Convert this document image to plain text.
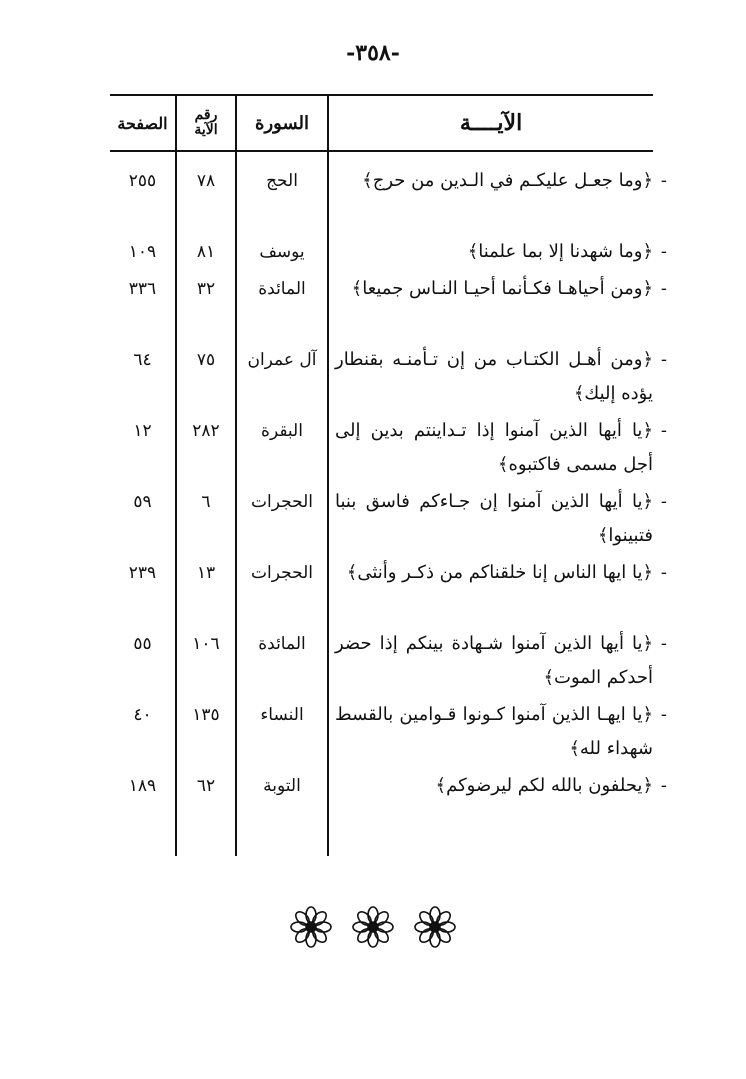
-٣٥٨-
الآيــــة
السورة
رقم
الآية
الصفحة
-
﴿وما جعـل عليكـم في الـدين من حرج﴾
الحج
٧٨
٢٥٥
-
﴿وما شهدنا إلا بما علمنا﴾
يوسف
٨١
١٠٩
-
﴿ومن أحياهـا فكـأنما أحيـا النـاس جميعا﴾
المائدة
٣٢
٣٣٦
-
﴿ومن أهـل الكتـاب من إن تـأمنـه بقنطار يؤده إليك﴾
آل عمران
٧٥
٦٤
-
﴿يا أيها الذين آمنوا إذا تـداينتم بدين إلى أجل مسمى فاكتبوه﴾
البقرة
٢٨٢
١٢
-
﴿يا أيها الذين آمنوا إن جـاءكم فاسق بنبا فتبينوا﴾
الحجرات
٦
٥٩
-
﴿يا ايها الناس إنا خلقناكم من ذكـر وأنثى﴾
الحجرات
١٣
٢٣٩
-
﴿يا أيها الذين آمنوا شـهادة بينكم إذا حضر أحدكم الموت﴾
المائدة
١٠٦
٥٥
-
﴿يا ايهـا الذين آمنوا كـونوا قـوامين بالقسط شهداء لله﴾
النساء
١٣٥
٤٠
-
﴿يحلفون بالله لكم ليرضوكم﴾
التوبة
٦٢
١٨٩
